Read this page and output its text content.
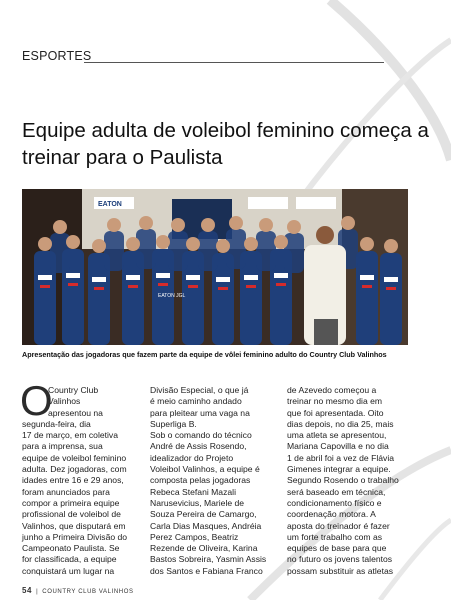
ESPORTES
Equipe adulta de voleibol feminino começa a treinar para o Paulista
EATON
EATON JGL
Apresentação das jogadoras que fazem parte da equipe de vôlei feminino adulto do Country Club Valinhos
O
Country Club
Valinhos
apresentou na
segunda-feira, dia
17 de março, em coletiva
para a imprensa, sua
equipe de voleibol feminino
adulta. Dez jogadoras, com
idades entre 16 e 29 anos,
foram anunciados para
compor a primeira equipe
profissional de voleibol de
Valinhos, que disputará em
junho a Primeira Divisão do
Campeonato Paulista. Se
for classificada, a equipe
conquistará um lugar na
Divisão Especial, o que já
é meio caminho andado
para pleitear uma vaga na
Superliga B.
Sob o comando do técnico
André de Assis Rosendo,
idealizador do Projeto
Voleibol Valinhos, a equipe é
composta pelas jogadoras
Rebeca Stefani Mazali
Narusevicius, Mariele de
Souza Pereira de Camargo,
Carla Dias Masques, Andréia
Perez Campos, Beatriz
Rezende de Oliveira, Karina
Bastos Sobreira, Yasmin Assis
dos Santos e Fabiana Franco
de Azevedo começou a
treinar no mesmo dia em
que foi apresentada. Oito
dias depois, no dia 25, mais
uma atleta se apresentou,
Mariana Capovilla e no dia
1 de abril foi a vez de Flávia
Gimenes integrar a equipe.
Segundo Rosendo o trabalho
será baseado em técnica,
condicionamento físico e
coordenação motora. A
aposta do treinador é fazer
um forte trabalho com as
equipes de base para que
no futuro os jovens talentos
possam substituir as atletas
54 | COUNTRY CLUB VALINHOS
